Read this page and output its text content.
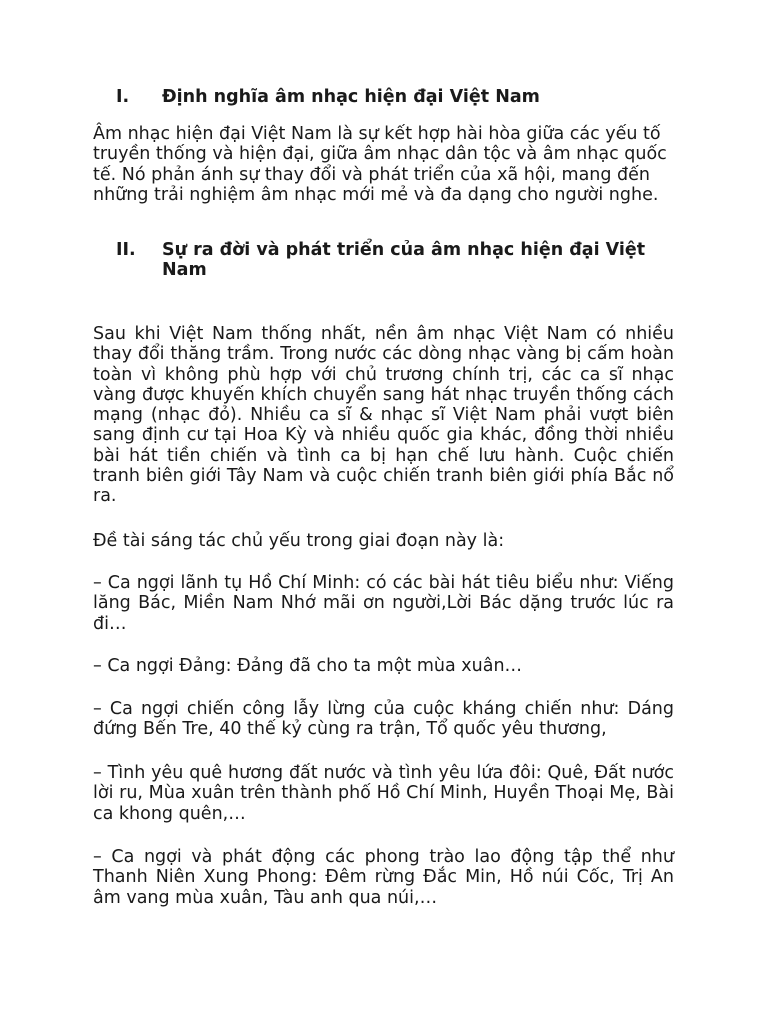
I.	Định nghĩa âm nhạc hiện đại Việt Nam

Âm nhạc hiện đại Việt Nam là sự kết hợp hài hòa giữa các yếu tố truyền thống và hiện đại, giữa âm nhạc dân tộc và âm nhạc quốc tế. Nó phản ánh sự thay đổi và phát triển của xã hội, mang đến những trải nghiệm âm nhạc mới mẻ và đa dạng cho người nghe.

II.	Sự ra đời và phát triển của âm nhạc hiện đại Việt Nam

Sau khi Việt Nam thống nhất, nền âm nhạc Việt Nam có nhiều thay đổi thăng trầm. Trong nước các dòng nhạc vàng bị cấm hoàn toàn vì không phù hợp với chủ trương chính trị, các ca sĩ nhạc vàng được khuyến khích chuyển sang hát nhạc truyền thống cách mạng (nhạc đỏ). Nhiều ca sĩ & nhạc sĩ Việt Nam phải vượt biên sang định cư tại Hoa Kỳ và nhiều quốc gia khác, đồng thời nhiều bài hát tiền chiến và tình ca bị hạn chế lưu hành. Cuộc chiến tranh biên giới Tây Nam và cuộc chiến tranh biên giới phía Bắc nổ ra.

Đề tài sáng tác chủ yếu trong giai đoạn này là:

– Ca ngợi lãnh tụ Hồ Chí Minh: có các bài hát tiêu biểu như: Viếng lăng Bác, Miền Nam Nhớ mãi ơn người,Lời Bác dặng trước lúc ra đi…

– Ca ngợi Đảng: Đảng đã cho ta một mùa xuân…

– Ca ngợi chiến công lẫy lừng của cuộc kháng chiến như: Dáng đứng Bến Tre, 40 thế kỷ cùng ra trận, Tổ quốc yêu thương,

– Tình yêu quê hương đất nước và tình yêu lứa đôi: Quê, Đất nước lời ru, Mùa xuân trên thành phố Hồ Chí Minh, Huyền Thoại Mẹ, Bài ca khong quên,…

– Ca ngợi và phát động các phong trào lao động tập thể như Thanh Niên Xung Phong: Đêm rừng Đắc Min, Hồ núi Cốc, Trị An âm vang mùa xuân, Tàu anh qua núi,…
